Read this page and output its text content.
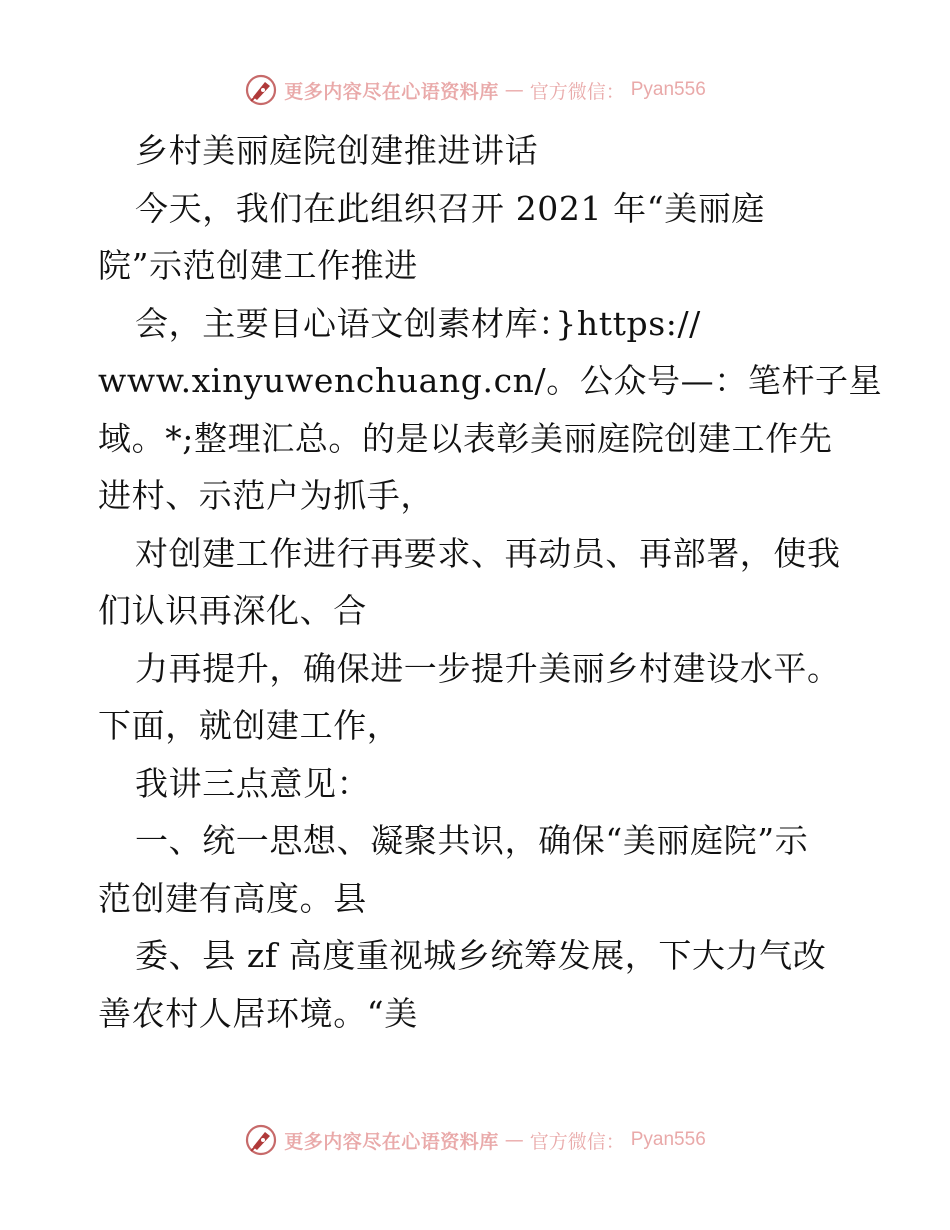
更多内容尽在心语资料库 — 官方微信： Pyan556
乡村美丽庭院创建推进讲话
今天，我们在此组织召开 2021 年“美丽庭
院”示范创建工作推进
会，主要目心语文创素材库：}https://
www.xinyuwenchuang.cn/。公众号—：笔杆子星
域。*;整理汇总。的是以表彰美丽庭院创建工作先
进村、示范户为抓手，
对创建工作进行再要求、再动员、再部署，使我
们认识再深化、合
力再提升，确保进一步提升美丽乡村建设水平。
下面，就创建工作，
我讲三点意见：
一、统一思想、凝聚共识，确保“美丽庭院”示
范创建有高度。县
委、县 zf 高度重视城乡统筹发展，下大力气改
善农村人居环境。“美
更多内容尽在心语资料库 — 官方微信： Pyan556
